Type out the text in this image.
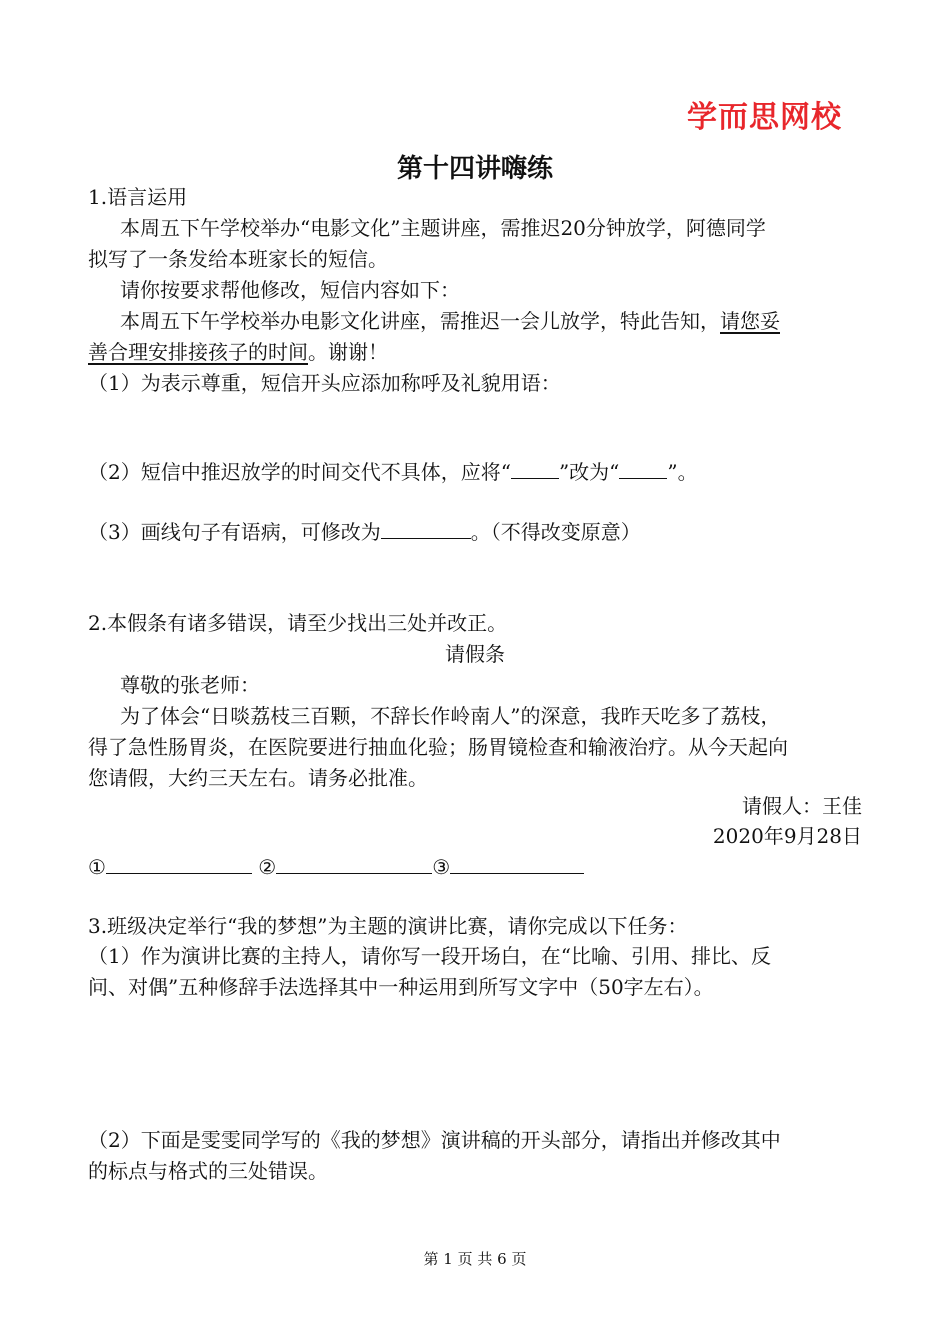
学而思网校
第十四讲嗨练
1.语言运用
本周五下午学校举办“电影文化”主题讲座，需推迟20分钟放学，阿德同学
拟写了一条发给本班家长的短信。
请你按要求帮他修改，短信内容如下：
本周五下午学校举办电影文化讲座，需推迟一会儿放学，特此告知，请您妥
善合理安排接孩子的时间。谢谢！
（1）为表示尊重，短信开头应添加称呼及礼貌用语：
（2）短信中推迟放学的时间交代不具体，应将“ ”改为“ ”。
（3）画线句子有语病，可修改为	。（不得改变原意）
2.本假条有诸多错误，请至少找出三处并改正。
请假条
尊敬的张老师：
为了体会“日啖荔枝三百颗，不辞长作岭南人”的深意，我昨天吃多了荔枝，
得了急性肠胃炎，在医院要进行抽血化验；肠胃镜检查和输液治疗。从今天起向
您请假，大约三天左右。请务必批准。
请假人：王佳
2020年9月28日
①	②	③
3.班级决定举行“我的梦想”为主题的演讲比赛，请你完成以下任务：
（1）作为演讲比赛的主持人，请你写一段开场白，在“比喻、引用、排比、反
问、对偶”五种修辞手法选择其中一种运用到所写文字中（50字左右）。
（2）下面是雯雯同学写的《我的梦想》演讲稿的开头部分，请指出并修改其中
的标点与格式的三处错误。
第 1 页 共 6 页
